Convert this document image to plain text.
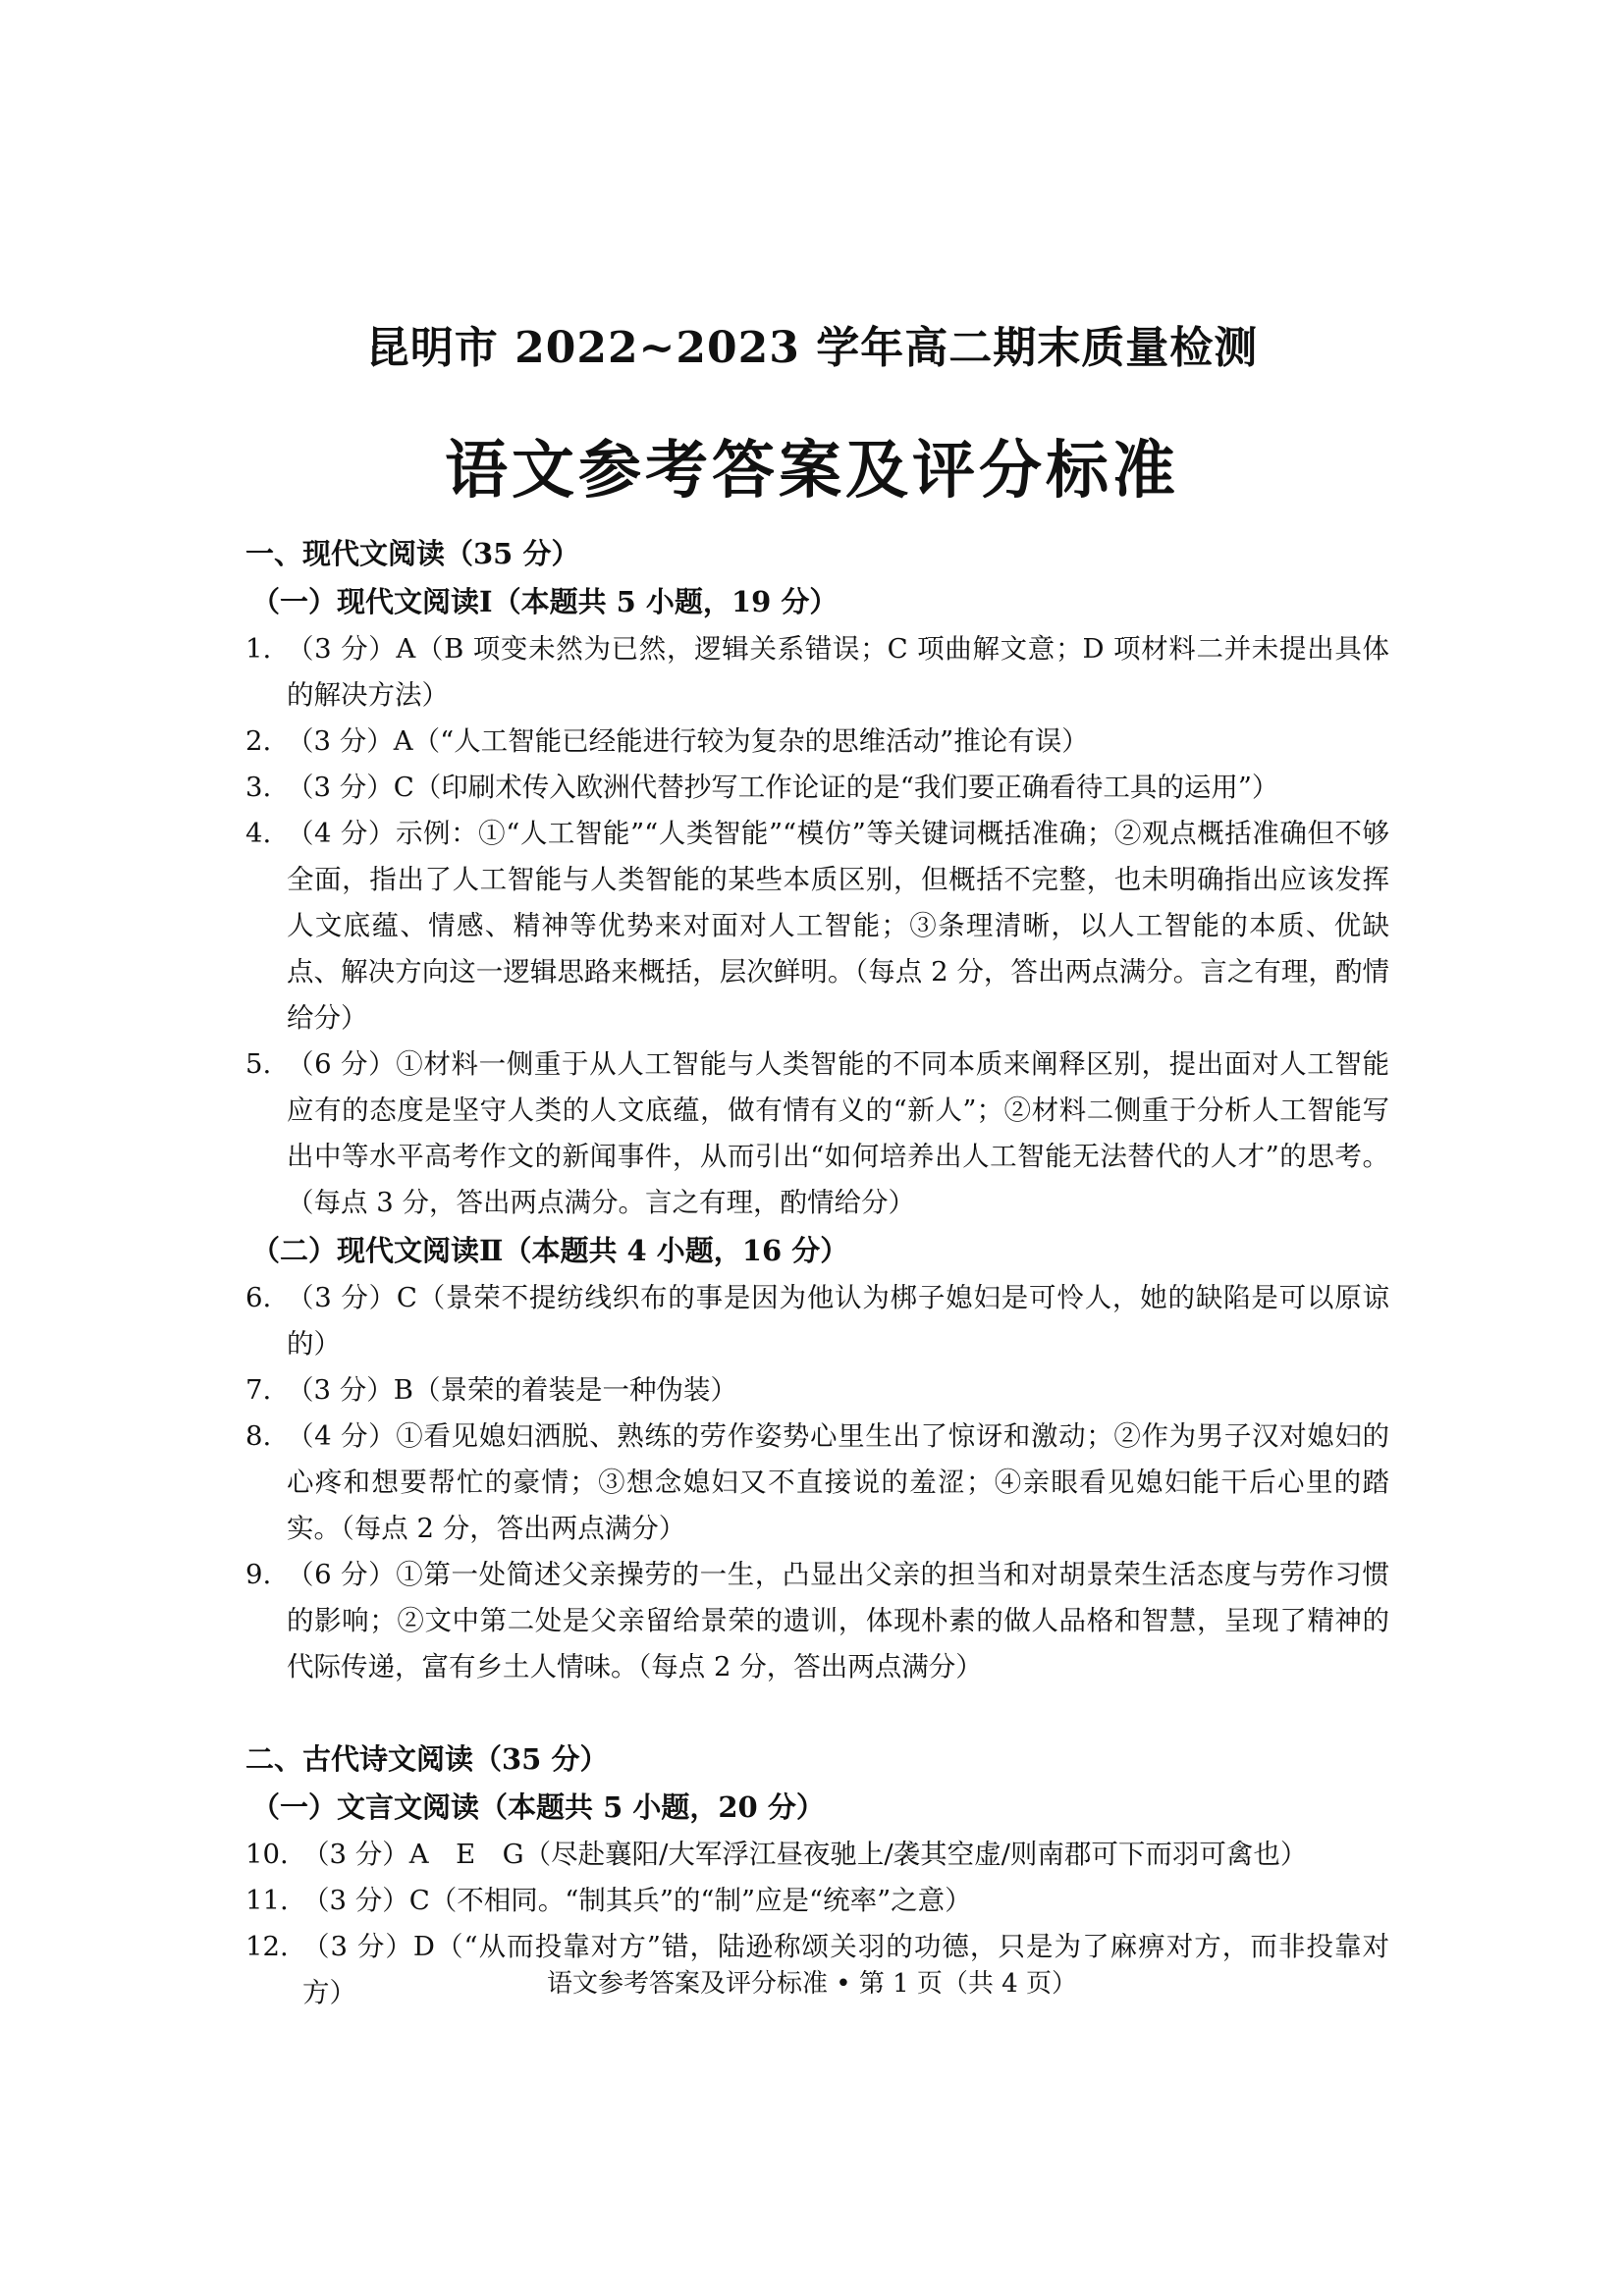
昆明市 2022~2023 学年高二期末质量检测
语文参考答案及评分标准
一、现代文阅读（35 分）
（一）现代文阅读Ⅰ（本题共 5 小题，19 分）
1. （3 分）A（B 项变未然为已然，逻辑关系错误；C 项曲解文意；D 项材料二并未提出具体的解决方法）
2. （3 分）A（“人工智能已经能进行较为复杂的思维活动”推论有误）
3. （3 分）C（印刷术传入欧洲代替抄写工作论证的是“我们要正确看待工具的运用”）
4. （4 分）示例：①“人工智能”“人类智能”“模仿”等关键词概括准确；②观点概括准确但不够全面，指出了人工智能与人类智能的某些本质区别，但概括不完整，也未明确指出应该发挥人文底蕴、情感、精神等优势来对面对人工智能；③条理清晰，以人工智能的本质、优缺点、解决方向这一逻辑思路来概括，层次鲜明。（每点 2 分，答出两点满分。言之有理，酌情给分）
5. （6 分）①材料一侧重于从人工智能与人类智能的不同本质来阐释区别，提出面对人工智能应有的态度是坚守人类的人文底蕴，做有情有义的“新人”；②材料二侧重于分析人工智能写出中等水平高考作文的新闻事件，从而引出“如何培养出人工智能无法替代的人才”的思考。（每点 3 分，答出两点满分。言之有理，酌情给分）
（二）现代文阅读Ⅱ（本题共 4 小题，16 分）
6. （3 分）C（景荣不提纺线织布的事是因为他认为梆子媳妇是可怜人，她的缺陷是可以原谅的）
7. （3 分）B（景荣的着装是一种伪装）
8. （4 分）①看见媳妇洒脱、熟练的劳作姿势心里生出了惊讶和激动；②作为男子汉对媳妇的心疼和想要帮忙的豪情；③想念媳妇又不直接说的羞涩；④亲眼看见媳妇能干后心里的踏实。（每点 2 分，答出两点满分）
9. （6 分）①第一处简述父亲操劳的一生，凸显出父亲的担当和对胡景荣生活态度与劳作习惯的影响；②文中第二处是父亲留给景荣的遗训，体现朴素的做人品格和智慧，呈现了精神的代际传递，富有乡土人情味。（每点 2 分，答出两点满分）
二、古代诗文阅读（35 分）
（一）文言文阅读（本题共 5 小题，20 分）
10. （3 分）A　E　G（尽赴襄阳/大军浮江昼夜驰上/袭其空虚/则南郡可下而羽可禽也）
11. （3 分）C（不相同。“制其兵”的“制”应是“统率”之意）
12. （3 分）D（“从而投靠对方”错，陆逊称颂关羽的功德，只是为了麻痹对方，而非投靠对方）	语文参考答案及评分标准 • 第 1 页（共 4 页）
